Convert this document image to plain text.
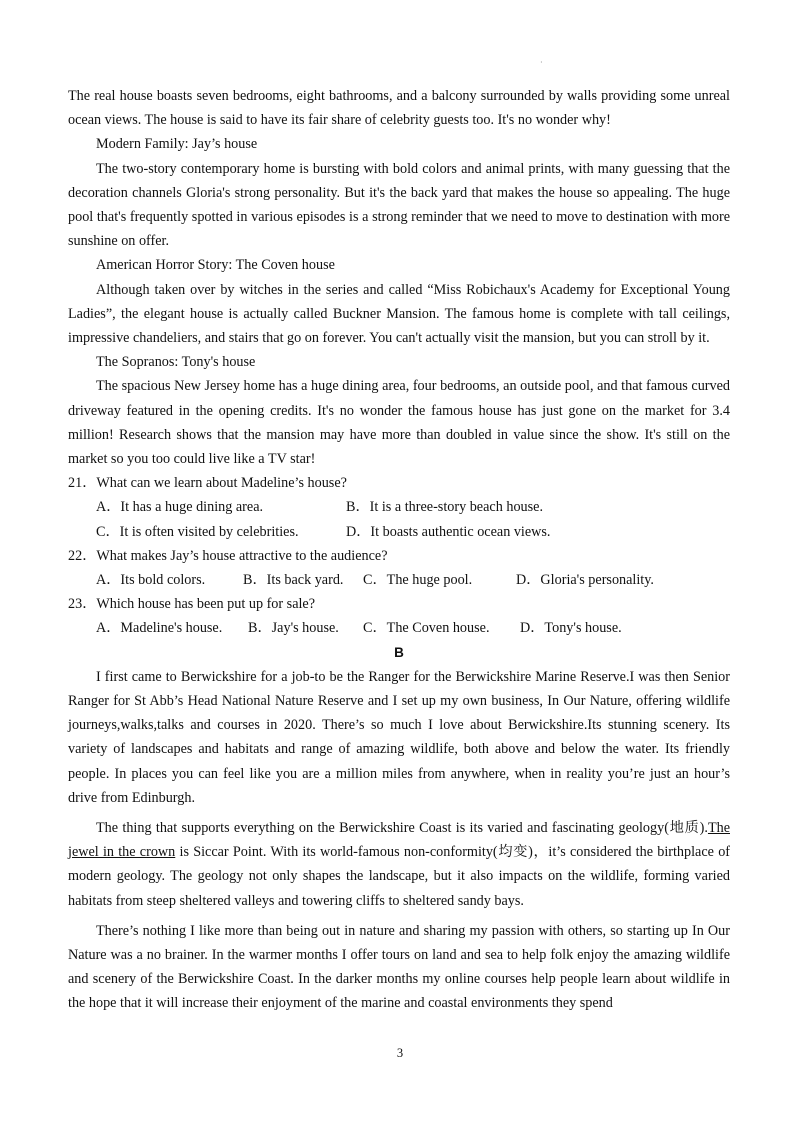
·

The real house boasts seven bedrooms, eight bathrooms, and a balcony surrounded by walls providing some unreal ocean views. The house is said to have its fair share of celebrity guests too. It's no wonder why!

Modern Family: Jay’s house

The two-story contemporary home is bursting with bold colors and animal prints, with many guessing that the decoration channels Gloria's strong personality. But it's the back yard that makes the house so appealing. The huge pool that's frequently spotted in various episodes is a strong reminder that we need to move to destination with more sunshine on offer.

American Horror Story: The Coven house

Although taken over by witches in the series and called “Miss Robichaux's Academy for Exceptional Young Ladies”, the elegant house is actually called Buckner Mansion. The famous home is complete with tall ceilings, impressive chandeliers, and stairs that go on forever. You can't actually visit the mansion, but you can stroll by it.

The Sopranos: Tony's house

The spacious New Jersey home has a huge dining area, four bedrooms, an outside pool, and that famous curved driveway featured in the opening credits. It's no wonder the famous house has just gone on the market for 3.4 million! Research shows that the mansion may have more than doubled in value since the show. It's still on the market so you too could live like a TV star!

21．What can we learn about Madeline’s house?

A．It has a huge dining area.	B．It is a three-story beach house.
C．It is often visited by celebrities.	D．It boasts authentic ocean views.

22．What makes Jay’s house attractive to the audience?

A．Its bold colors.	B．Its back yard. C．The huge pool.	D．Gloria's personality.

23．Which house has been put up for sale?

A．Madeline's house. B．Jay's house. C．The Coven house. D．Tony's house.

B

I first came to Berwickshire for a job-to be the Ranger for the Berwickshire Marine Reserve.I was then Senior Ranger for St Abb’s Head National Nature Reserve and I set up my own business, In Our Nature, offering wildlife journeys,walks,talks and courses in 2020. There’s so much I love about Berwickshire.Its stunning scenery. Its variety of landscapes and habitats and range of amazing wildlife, both above and below the water. Its friendly people. In places you can feel like you are a million miles from anywhere, when in reality you’re just an hour’s drive from Edinburgh.

The thing that supports everything on the Berwickshire Coast is its varied and fascinating geology(地质).The jewel in the crown is Siccar Point. With its world-famous non-conformity(均变)，it’s considered the birthplace of modern geology. The geology not only shapes the landscape, but it also impacts on the wildlife, forming varied habitats from steep sheltered valleys and towering cliffs to sheltered sandy bays.

There’s nothing I like more than being out in nature and sharing my passion with others, so starting up In Our Nature was a no brainer. In the warmer months I offer tours on land and sea to help folk enjoy the amazing wildlife and scenery of the Berwickshire Coast. In the darker months my online courses help people learn about wildlife in the hope that it will increase their enjoyment of the marine and coastal environments they spend

3
